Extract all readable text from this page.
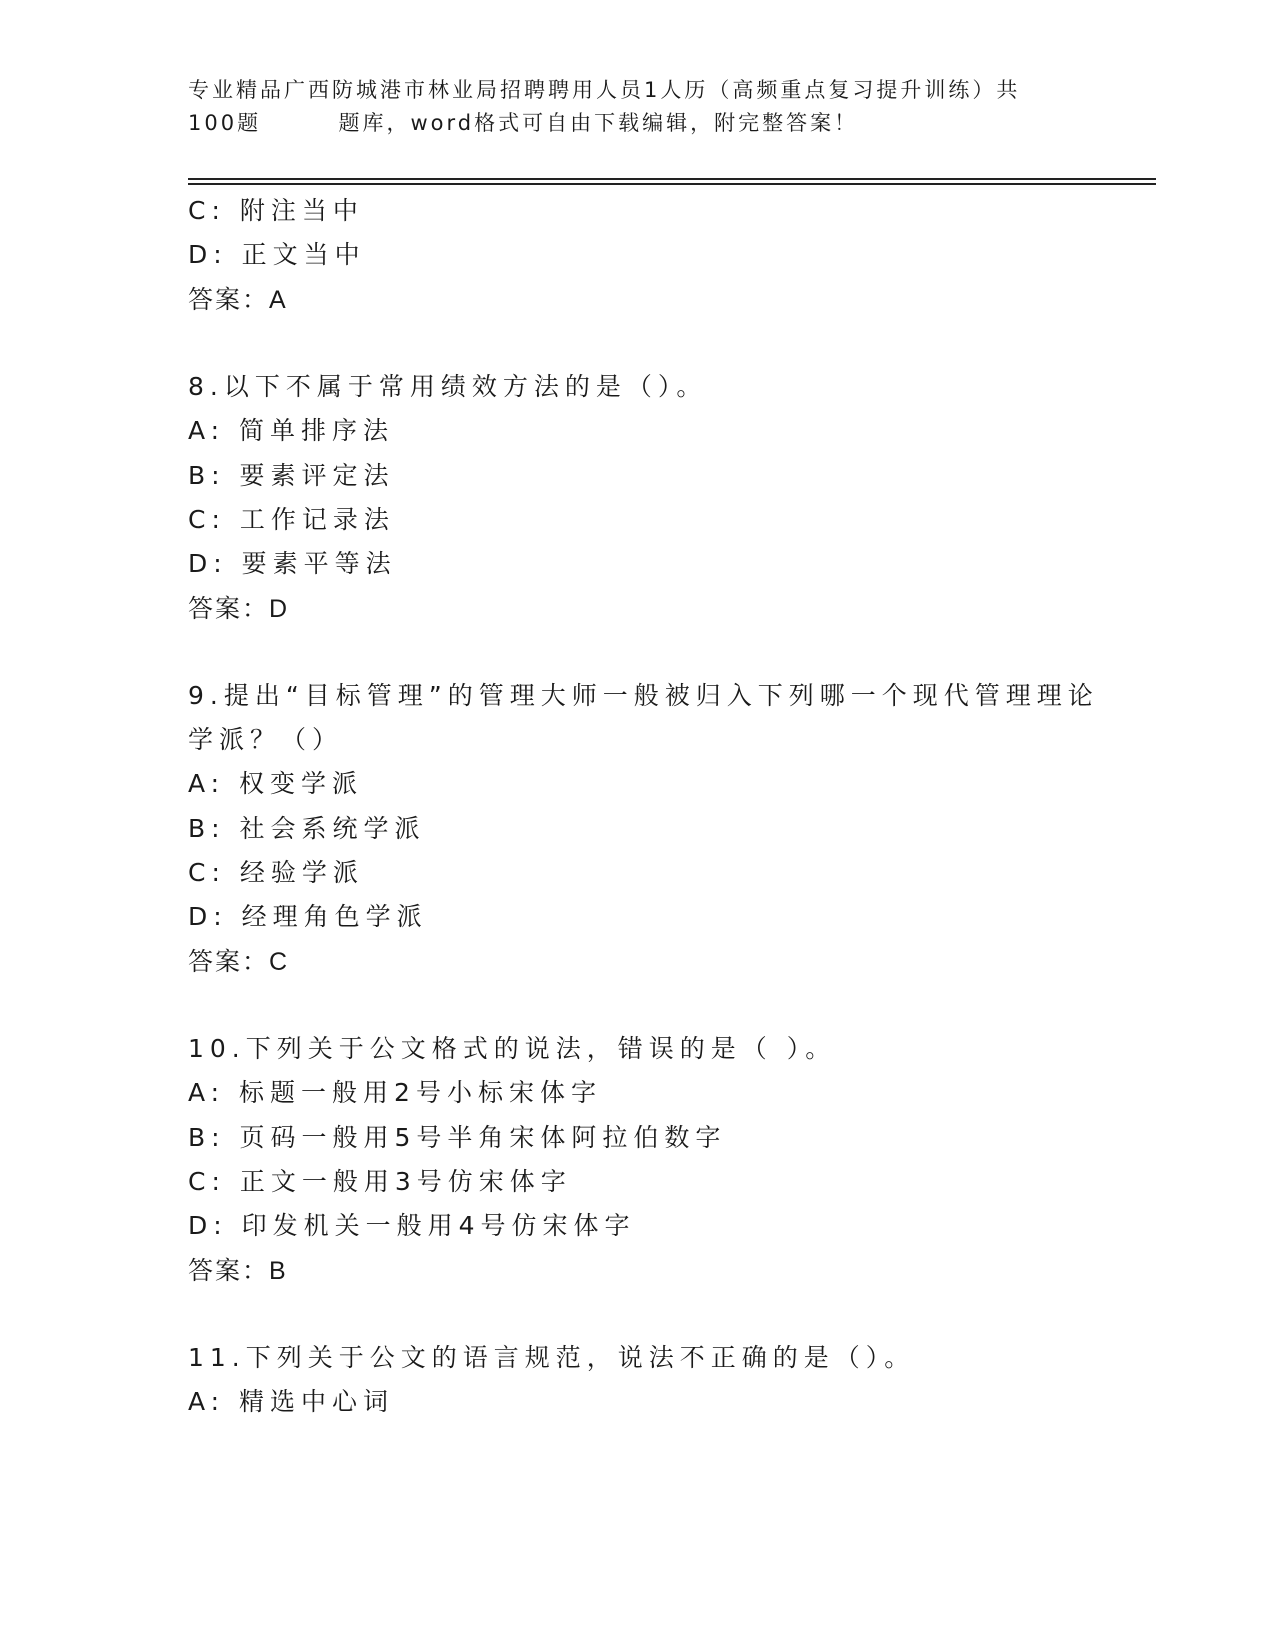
专业精品广西防城港市林业局招聘聘用人员1人历（高频重点复习提升训练）共
100题        题库，word格式可自由下载编辑，附完整答案！
C: 附注当中
D: 正文当中
答案：A
8.以下不属于常用绩效方法的是（）。
A: 简单排序法
B: 要素评定法
C: 工作记录法
D: 要素平等法
答案：D
9.提出“目标管理”的管理大师一般被归入下列哪一个现代管理理论
学派？（）
A: 权变学派
B: 社会系统学派
C: 经验学派
D: 经理角色学派
答案：C
10.下列关于公文格式的说法，错误的是（ ）。
A: 标题一般用2号小标宋体字
B: 页码一般用5号半角宋体阿拉伯数字
C: 正文一般用3号仿宋体字
D: 印发机关一般用4号仿宋体字
答案：B
11.下列关于公文的语言规范，说法不正确的是（）。
A: 精选中心词
